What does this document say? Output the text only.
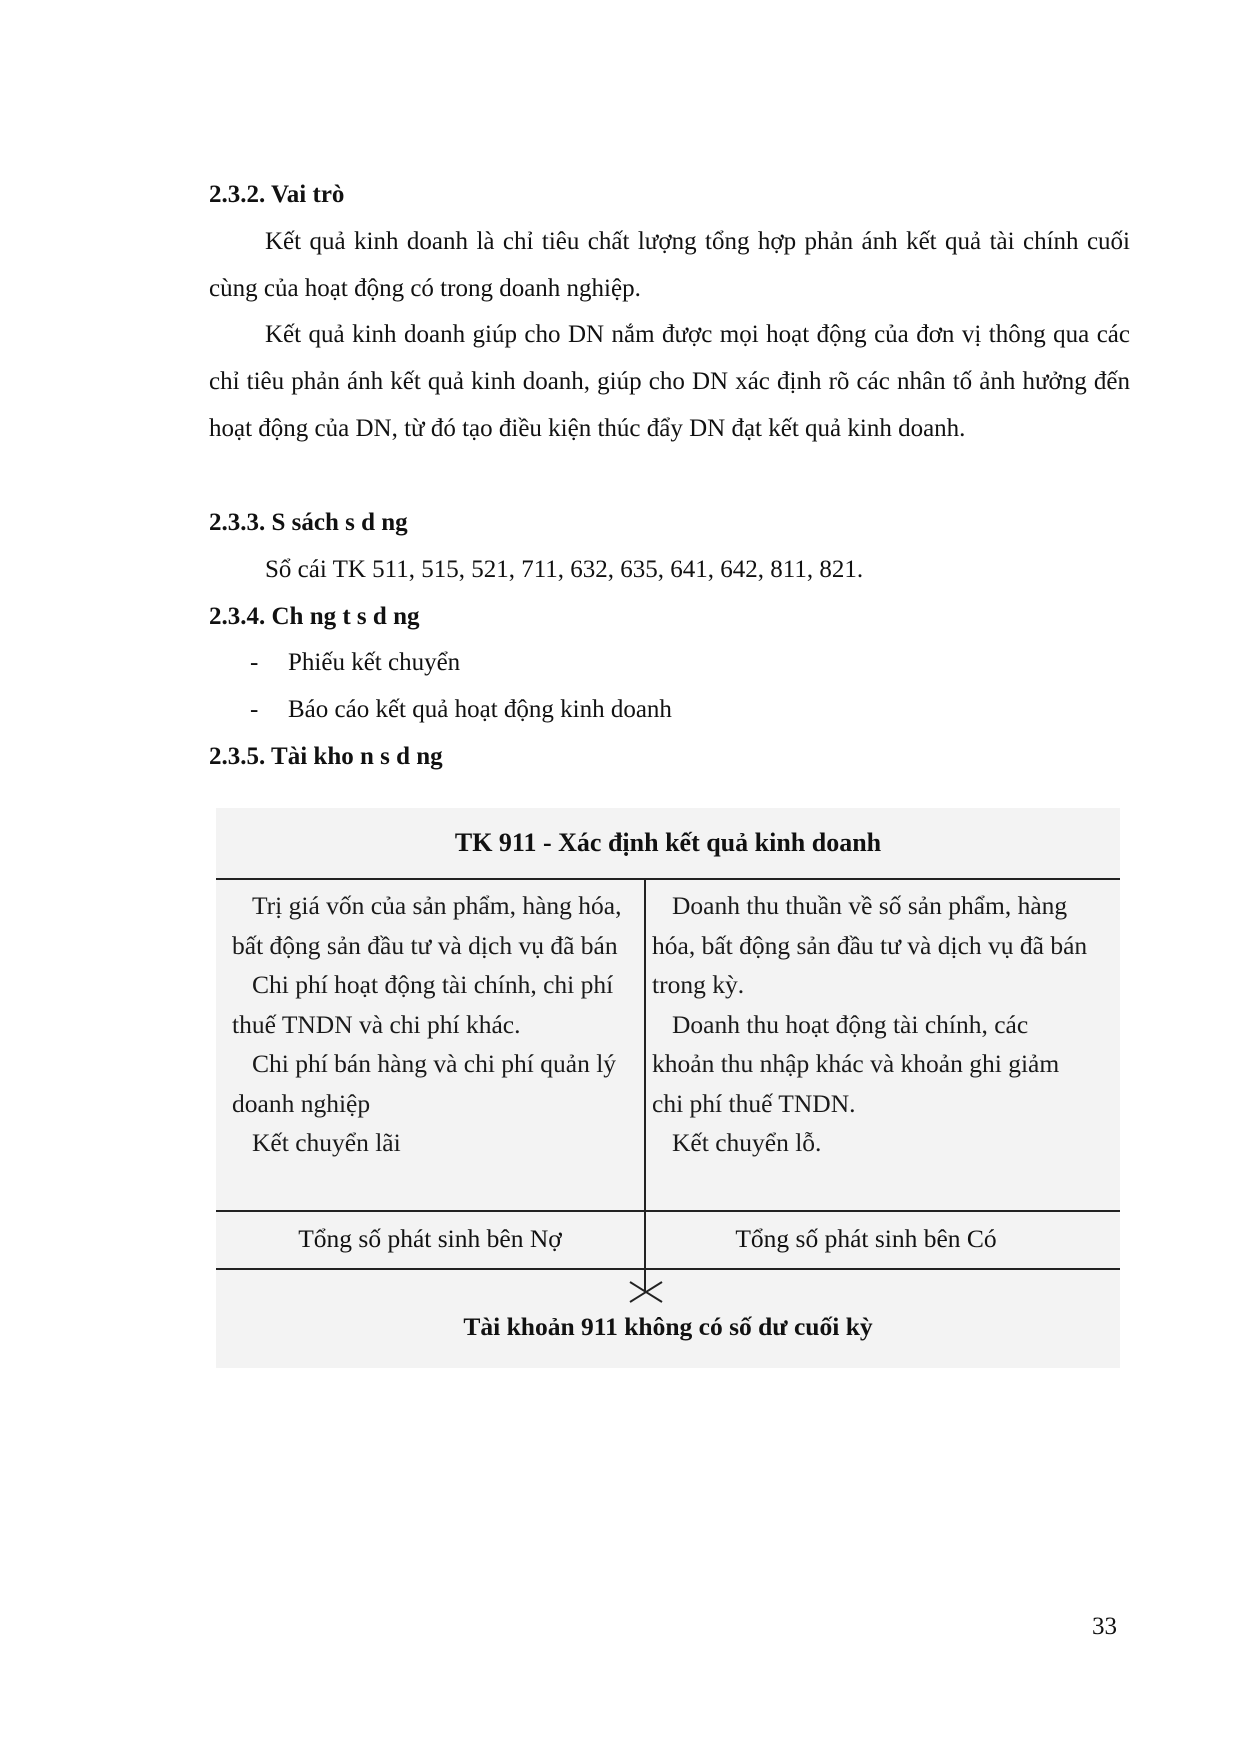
2.3.2. Vai trò

Kết quả kinh doanh là chỉ tiêu chất lượng tổng hợp phản ánh kết quả tài chính cuối cùng của hoạt động có trong doanh nghiệp.

Kết quả kinh doanh giúp cho DN nắm được mọi hoạt động của đơn vị thông qua các chỉ tiêu phản ánh kết quả kinh doanh, giúp cho DN xác định rõ các nhân tố ảnh hưởng đến hoạt động của DN, từ đó tạo điều kiện thúc đẩy DN đạt kết quả kinh doanh.

2.3.3. S sách s d ng
Sổ cái TK 511, 515, 521, 711, 632, 635, 641, 642, 811, 821.
2.3.4. Ch ng t s d ng
- Phiếu kết chuyển
- Báo cáo kết quả hoạt động kinh doanh
2.3.5. Tài kho n s d ng
TK 911 - Xác định kết quả kinh doanh
Trị giá vốn của sản phẩm, hàng hóa, bất động sản đầu tư và dịch vụ đã bán
Chi phí hoạt động tài chính, chi phí thuế TNDN và chi phí khác.
Chi phí bán hàng và chi phí quản lý doanh nghiệp
Kết chuyển lãi
Doanh thu thuần về số sản phẩm, hàng hóa, bất động sản đầu tư và dịch vụ đã bán trong kỳ.
Doanh thu hoạt động tài chính, các khoản thu nhập khác và khoản ghi giảm chi phí thuế TNDN.
Kết chuyển lỗ.
Tổng số phát sinh bên Nợ	Tổng số phát sinh bên Có
Tài khoản 911 không có số dư cuối kỳ
33
